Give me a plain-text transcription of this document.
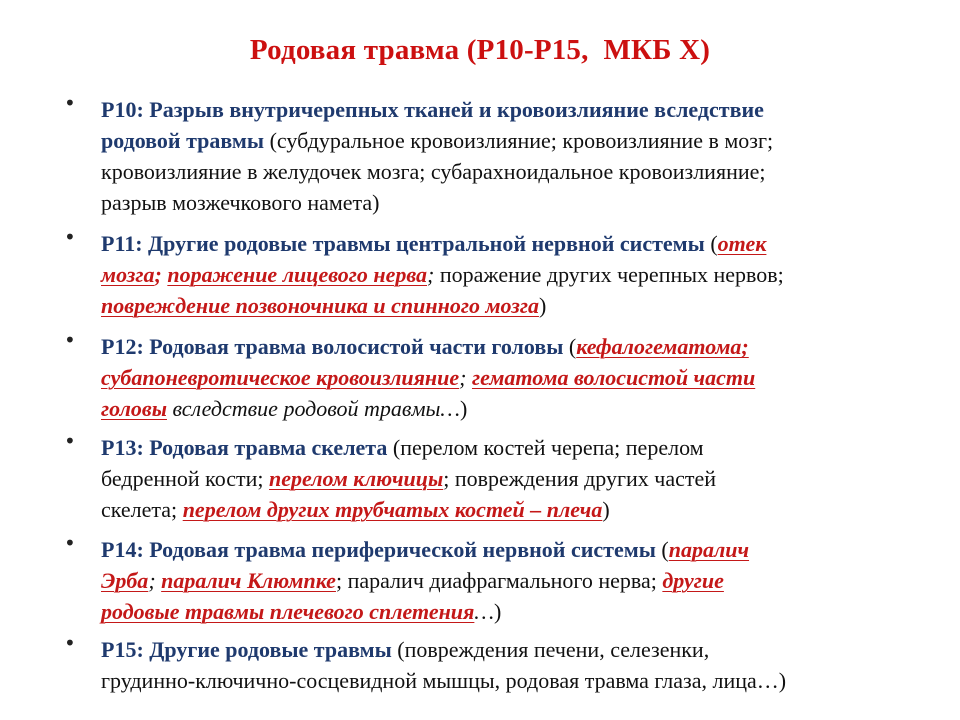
Родовая травма (Р10-Р15,  МКБ X)
• Р10: Разрыв внутричерепных тканей и кровоизлияние вследствие
родовой травмы (субдуральное кровоизлияние; кровоизлияние в мозг;
кровоизлияние в желудочек мозга; субарахноидальное кровоизлияние;
разрыв мозжечкового намета)
• Р11: Другие родовые травмы центральной нервной системы (отек
мозга; поражение лицевого нерва; поражение других черепных нервов;
повреждение позвоночника и спинного мозга)
• Р12: Родовая травма волосистой части головы (кефалогематома;
субапоневротическое кровоизлияние; гематома волосистой части
головы вследствие родовой травмы…)
• Р13: Родовая травма скелета (перелом костей черепа; перелом
бедренной кости; перелом ключицы; повреждения других частей
скелета; перелом других трубчатых костей – плеча)
• Р14: Родовая травма периферической нервной системы (паралич
Эрба; паралич Клюмпке; паралич диафрагмального нерва; другие
родовые травмы плечевого сплетения…)
• Р15: Другие родовые травмы (повреждения печени, селезенки,
грудинно-ключично-сосцевидной мышцы, родовая травма глаза, лица…)
